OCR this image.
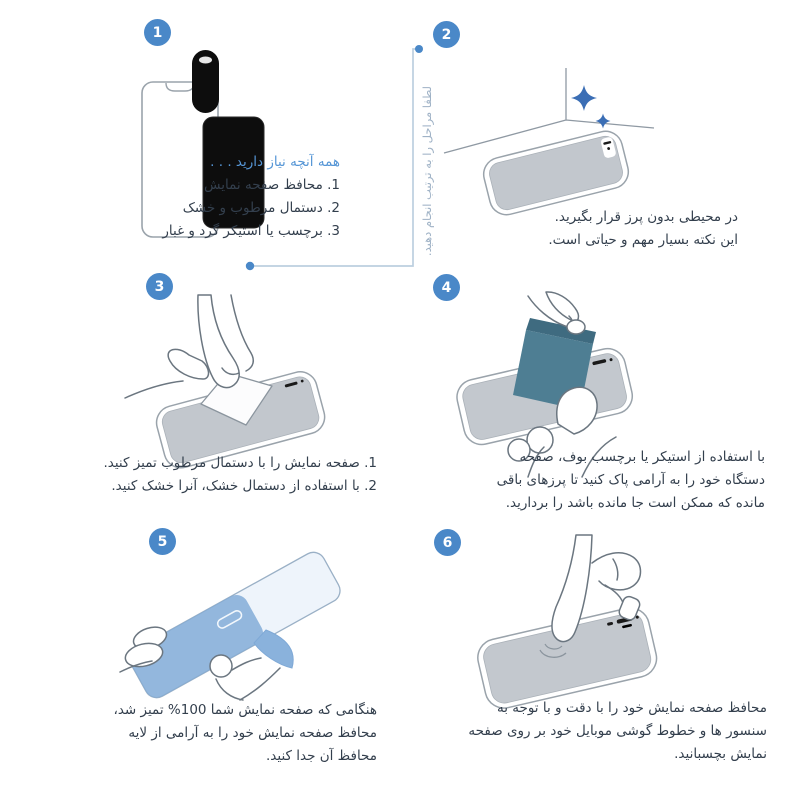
1	2
3	4
5	6
لطفا مراحل را به ترتیب انجام دهید.
همه آنچه نیاز دارید . . .
1. محافظ صفحه نمایش
2. دستمال مرطوب و خشک
3. برچسب یا استیکر گرد و غبار
در محیطی بدون پرز قرار بگیرید.
این نکته بسیار مهم و حیاتی است.
1. صفحه نمایش را با دستمال مرطوب تمیز کنید.
2. با استفاده از دستمال خشک، آنرا خشک کنید.
با استفاده از استیکر یا برچسب بوف، صفحه
دستگاه خود را به آرامی پاک کنید تا پرزهای باقی
مانده که ممکن است جا مانده باشد را بردارید.
هنگامی که صفحه نمایش شما 100% تمیز شد،
محافظ صفحه نمایش خود را به آرامی از لایه
محافظ آن جدا کنید.
محافظ صفحه نمایش خود را با دقت و با توجه به
سنسور ها و خطوط گوشی موبایل خود بر روی صفحه
نمایش بچسبانید.
